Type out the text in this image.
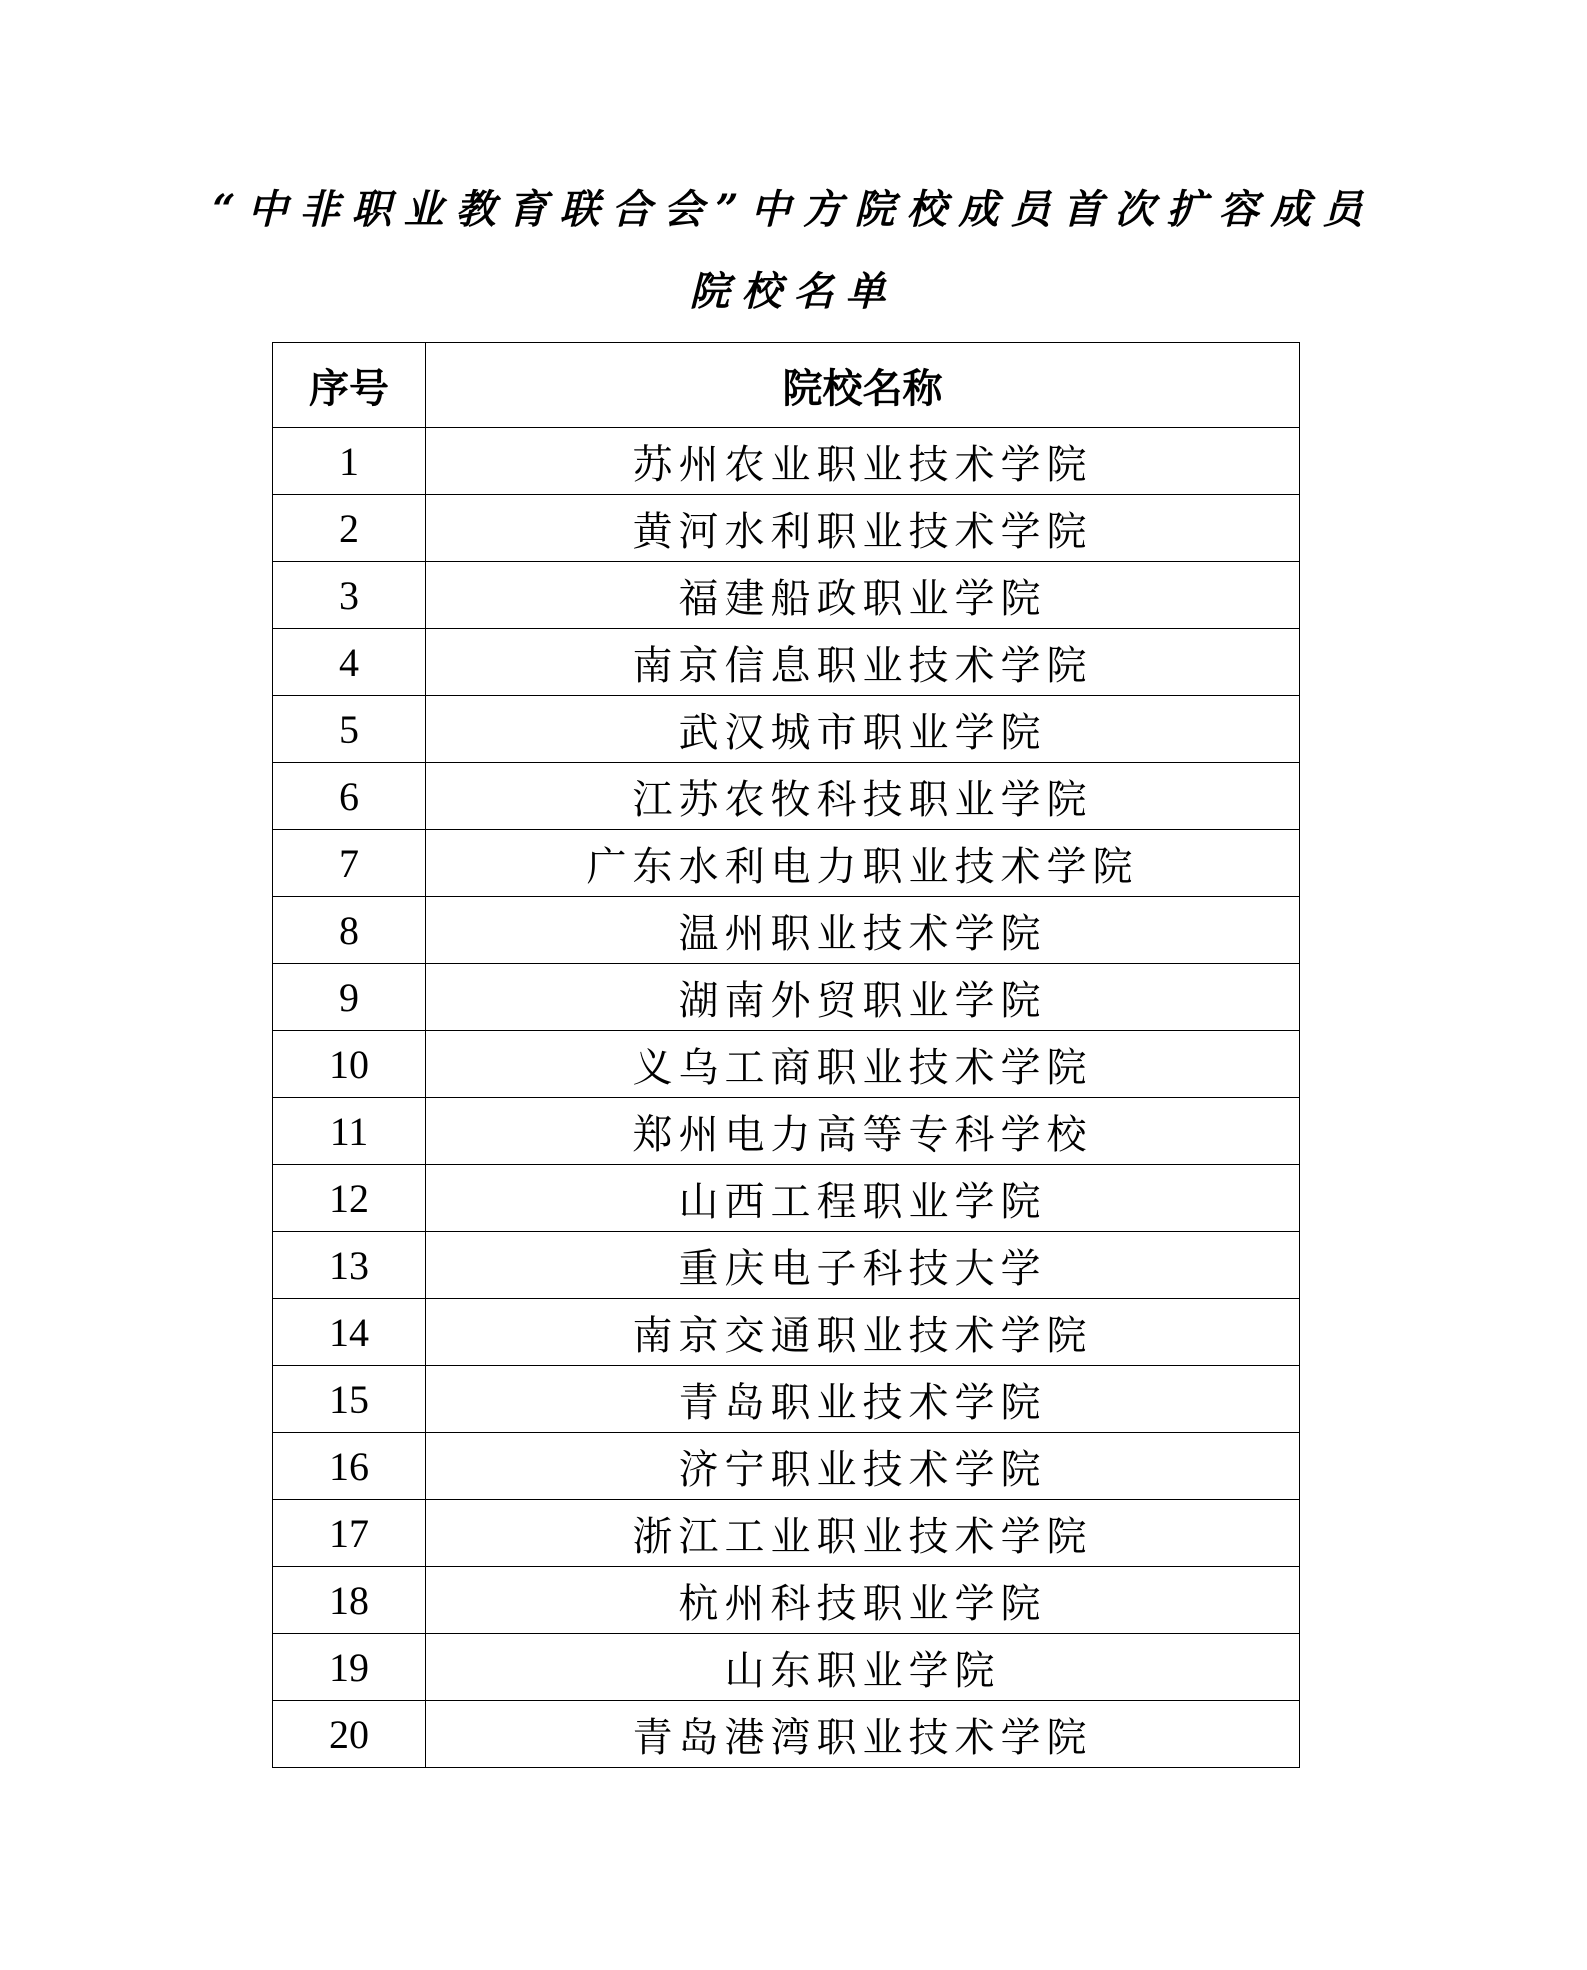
“中非职业教育联合会”中方院校成员首次扩容成员
院校名单
序号	院校名称
1	苏州农业职业技术学院
2	黄河水利职业技术学院
3	福建船政职业学院
4	南京信息职业技术学院
5	武汉城市职业学院
6	江苏农牧科技职业学院
7	广东水利电力职业技术学院
8	温州职业技术学院
9	湖南外贸职业学院
10	义乌工商职业技术学院
11	郑州电力高等专科学校
12	山西工程职业学院
13	重庆电子科技大学
14	南京交通职业技术学院
15	青岛职业技术学院
16	济宁职业技术学院
17	浙江工业职业技术学院
18	杭州科技职业学院
19	山东职业学院
20	青岛港湾职业技术学院
